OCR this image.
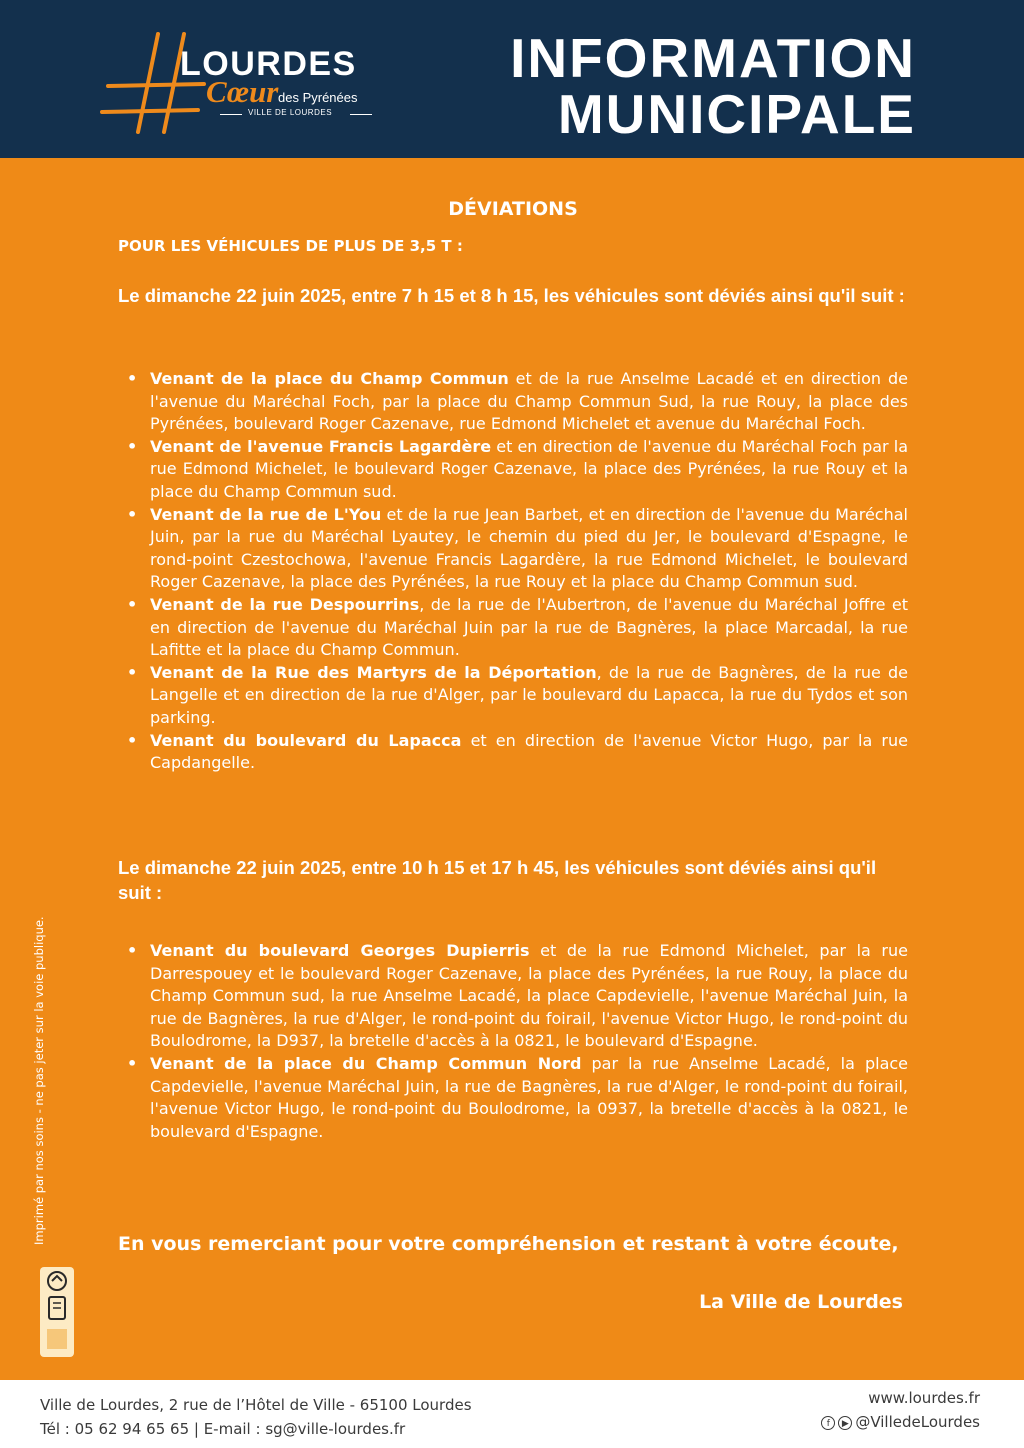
LOURDES
Cœur des Pyrénées
VILLE DE LOURDES
INFORMATION
MUNICIPALE
Imprimé par nos soins - ne pas jeter sur la voie publique.
DÉVIATIONS
POUR LES VÉHICULES DE PLUS DE 3,5 T :
Le dimanche 22 juin 2025, entre 7 h 15 et 8 h 15, les véhicules sont déviés ainsi qu'il suit :
• Venant de la place du Champ Commun et de la rue Anselme Lacadé et en direction de l'avenue du Maréchal Foch, par la place du Champ Commun Sud, la rue Rouy, la place des Pyrénées, boulevard Roger Cazenave, rue Edmond Michelet et avenue du Maréchal Foch.
• Venant de l'avenue Francis Lagardère et en direction de l'avenue du Maréchal Foch par la rue Edmond Michelet, le boulevard Roger Cazenave, la place des Pyrénées, la rue Rouy et la place du Champ Commun sud.
• Venant de la rue de L'You et de la rue Jean Barbet, et en direction de l'avenue du Maréchal Juin, par la rue du Maréchal Lyautey, le chemin du pied du Jer, le boulevard d'Espagne, le rond-point Czestochowa, l'avenue Francis Lagardère, la rue Edmond Michelet, le boulevard Roger Cazenave, la place des Pyrénées, la rue Rouy et la place du Champ Commun sud.
• Venant de la rue Despourrins, de la rue de l'Aubertron, de l'avenue du Maréchal Joffre et en direction de l'avenue du Maréchal Juin par la rue de Bagnères, la place Marcadal, la rue Lafitte et la place du Champ Commun.
• Venant de la Rue des Martyrs de la Déportation, de la rue de Bagnères, de la rue de Langelle et en direction de la rue d'Alger, par le boulevard du Lapacca, la rue du Tydos et son parking.
• Venant du boulevard du Lapacca et en direction de l'avenue Victor Hugo, par la rue Capdangelle.
Le dimanche 22 juin 2025, entre 10 h 15 et 17 h 45, les véhicules sont déviés ainsi qu'il suit :
• Venant du boulevard Georges Dupierris et de la rue Edmond Michelet, par la rue Darrespouey et le boulevard Roger Cazenave, la place des Pyrénées, la rue Rouy, la place du Champ Commun sud, la rue Anselme Lacadé, la place Capdevielle, l'avenue Maréchal Juin, la rue de Bagnères, la rue d'Alger, le rond-point du foirail, l'avenue Victor Hugo, le rond-point du Boulodrome, la D937, la bretelle d'accès à la 0821, le boulevard d'Espagne.
• Venant de la place du Champ Commun Nord par la rue Anselme Lacadé, la place Capdevielle, l'avenue Maréchal Juin, la rue de Bagnères, la rue d'Alger, le rond-point du foirail, l'avenue Victor Hugo, le rond-point du Boulodrome, la 0937, la bretelle d'accès à la 0821, le boulevard d'Espagne.
En vous remerciant pour votre compréhension et restant à votre écoute,
La Ville de Lourdes
Ville de Lourdes, 2 rue de l’Hôtel de Ville - 65100 Lourdes
Tél : 05 62 94 65 65 | E-mail : sg@ville-lourdes.fr
www.lourdes.fr
f ▶ @VilledeLourdes
